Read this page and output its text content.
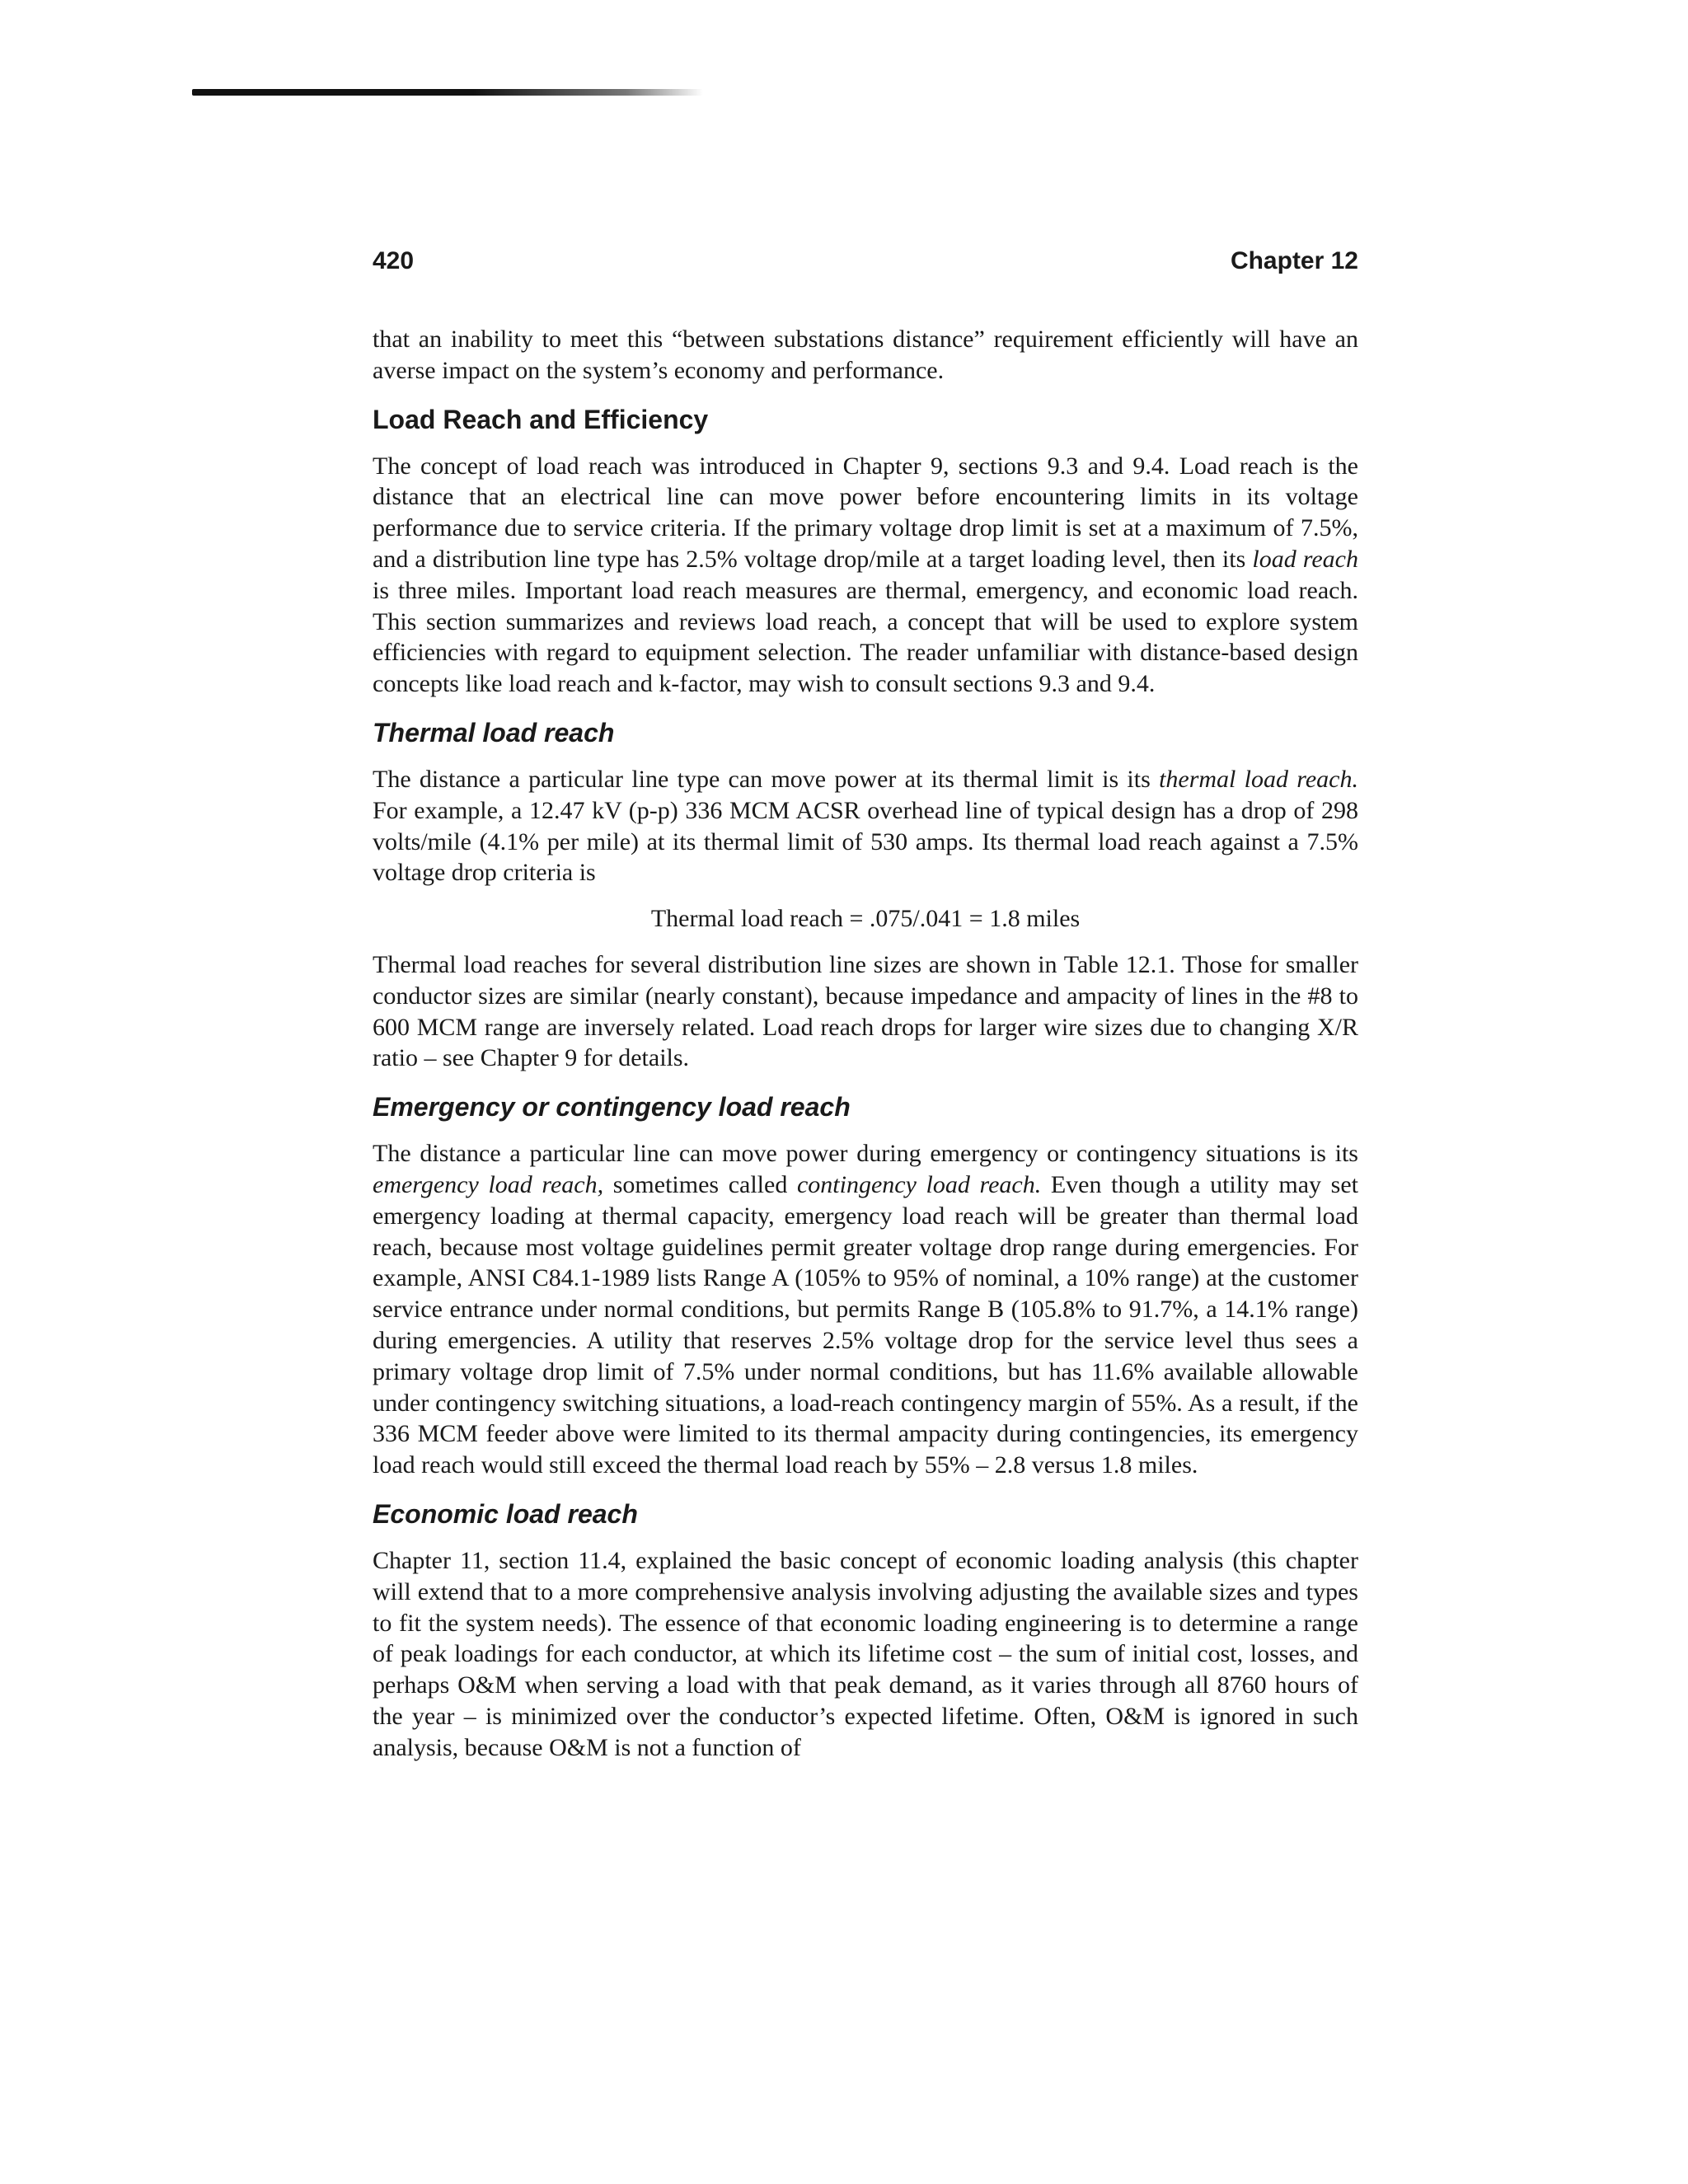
420	Chapter 12

that an inability to meet this “between substations distance” requirement efficiently will have an averse impact on the system’s economy and performance.

Load Reach and Efficiency

The concept of load reach was introduced in Chapter 9, sections 9.3 and 9.4. Load reach is the distance that an electrical line can move power before encountering limits in its voltage performance due to service criteria. If the primary voltage drop limit is set at a maximum of 7.5%, and a distribution line type has 2.5% voltage drop/mile at a target loading level, then its load reach is three miles. Important load reach measures are thermal, emergency, and economic load reach. This section summarizes and reviews load reach, a concept that will be used to explore system efficiencies with regard to equipment selection. The reader unfamiliar with distance-based design concepts like load reach and k-factor, may wish to consult sections 9.3 and 9.4.

Thermal load reach

The distance a particular line type can move power at its thermal limit is its thermal load reach. For example, a 12.47 kV (p-p) 336 MCM ACSR overhead line of typical design has a drop of 298 volts/mile (4.1% per mile) at its thermal limit of 530 amps. Its thermal load reach against a 7.5% voltage drop criteria is

Thermal load reach = .075/.041 = 1.8 miles

Thermal load reaches for several distribution line sizes are shown in Table 12.1. Those for smaller conductor sizes are similar (nearly constant), because impedance and ampacity of lines in the #8 to 600 MCM range are inversely related. Load reach drops for larger wire sizes due to changing X/R ratio – see Chapter 9 for details.

Emergency or contingency load reach

The distance a particular line can move power during emergency or contingency situations is its emergency load reach, sometimes called contingency load reach. Even though a utility may set emergency loading at thermal capacity, emergency load reach will be greater than thermal load reach, because most voltage guidelines permit greater voltage drop range during emergencies. For example, ANSI C84.1-1989 lists Range A (105% to 95% of nominal, a 10% range) at the customer service entrance under normal conditions, but permits Range B (105.8% to 91.7%, a 14.1% range) during emergencies. A utility that reserves 2.5% voltage drop for the service level thus sees a primary voltage drop limit of 7.5% under normal conditions, but has 11.6% available allowable under contingency switching situations, a load-reach contingency margin of 55%. As a result, if the 336 MCM feeder above were limited to its thermal ampacity during contingencies, its emergency load reach would still exceed the thermal load reach by 55% – 2.8 versus 1.8 miles.

Economic load reach

Chapter 11, section 11.4, explained the basic concept of economic loading analysis (this chapter will extend that to a more comprehensive analysis involving adjusting the available sizes and types to fit the system needs). The essence of that economic loading engineering is to determine a range of peak loadings for each conductor, at which its lifetime cost – the sum of initial cost, losses, and perhaps O&M when serving a load with that peak demand, as it varies through all 8760 hours of the year – is minimized over the conductor’s expected lifetime. Often, O&M is ignored in such analysis, because O&M is not a function of
